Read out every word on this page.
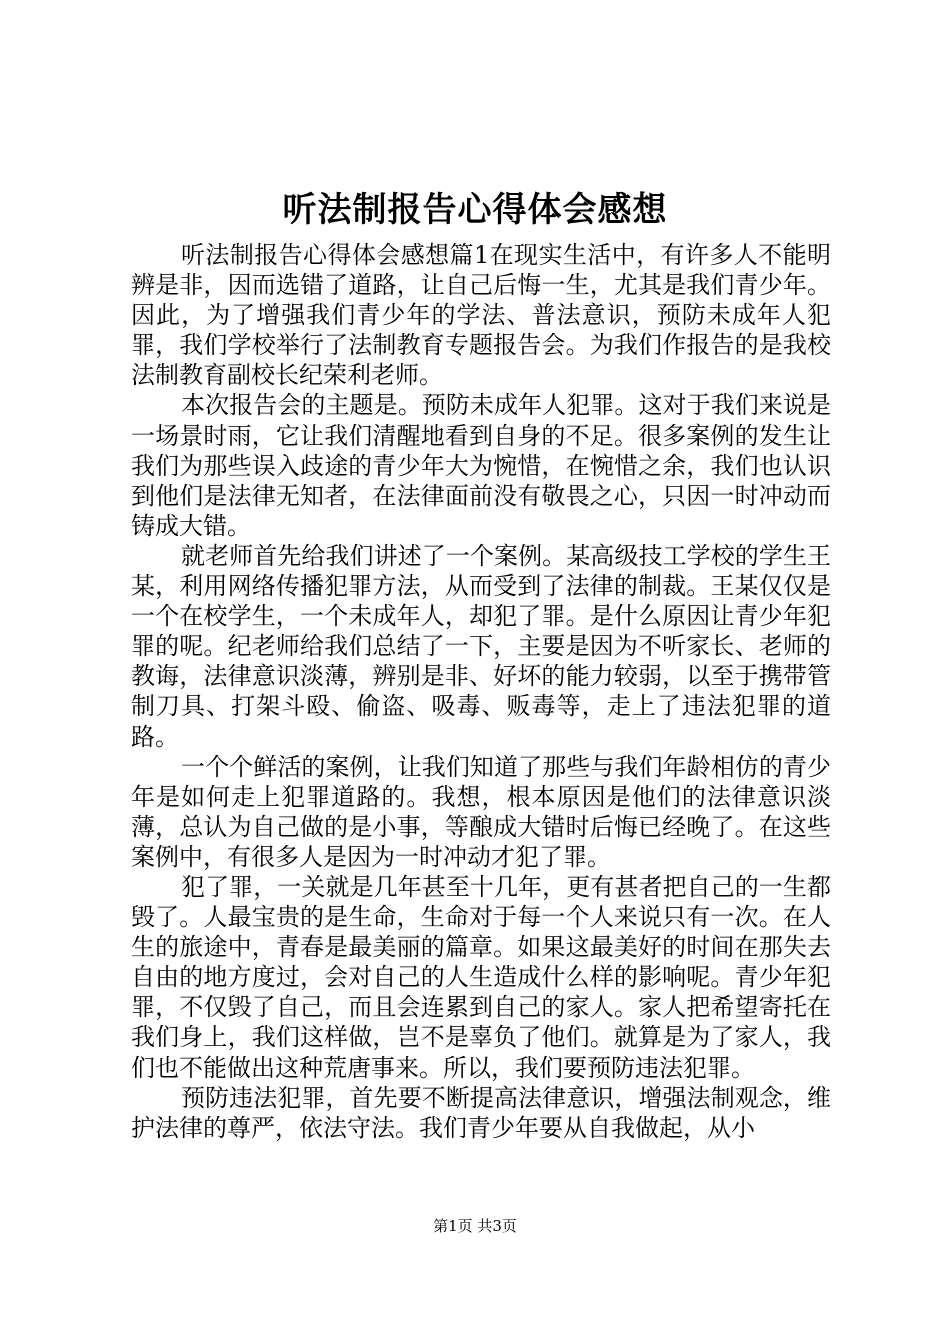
听法制报告心得体会感想

听法制报告心得体会感想篇1在现实生活中，有许多人不能明辨是非，因而选错了道路，让自己后悔一生，尤其是我们青少年。因此，为了增强我们青少年的学法、普法意识，预防未成年人犯罪，我们学校举行了法制教育专题报告会。为我们作报告的是我校法制教育副校长纪荣利老师。

本次报告会的主题是。预防未成年人犯罪。这对于我们来说是一场景时雨，它让我们清醒地看到自身的不足。很多案例的发生让我们为那些误入歧途的青少年大为惋惜，在惋惜之余，我们也认识到他们是法律无知者，在法律面前没有敬畏之心，只因一时冲动而铸成大错。

就老师首先给我们讲述了一个案例。某高级技工学校的学生王某，利用网络传播犯罪方法，从而受到了法律的制裁。王某仅仅是一个在校学生，一个未成年人，却犯了罪。是什么原因让青少年犯罪的呢。纪老师给我们总结了一下，主要是因为不听家长、老师的教诲，法律意识淡薄，辨别是非、好坏的能力较弱，以至于携带管制刀具、打架斗殴、偷盗、吸毒、贩毒等，走上了违法犯罪的道路。

一个个鲜活的案例，让我们知道了那些与我们年龄相仿的青少年是如何走上犯罪道路的。我想，根本原因是他们的法律意识淡薄，总认为自己做的是小事，等酿成大错时后悔已经晚了。在这些案例中，有很多人是因为一时冲动才犯了罪。

犯了罪，一关就是几年甚至十几年，更有甚者把自己的一生都毁了。人最宝贵的是生命，生命对于每一个人来说只有一次。在人生的旅途中，青春是最美丽的篇章。如果这最美好的时间在那失去自由的地方度过，会对自己的人生造成什么样的影响呢。青少年犯罪，不仅毁了自己，而且会连累到自己的家人。家人把希望寄托在我们身上，我们这样做，岂不是辜负了他们。就算是为了家人，我们也不能做出这种荒唐事来。所以，我们要预防违法犯罪。

预防违法犯罪，首先要不断提高法律意识，增强法制观念，维护法律的尊严，依法守法。我们青少年要从自我做起，从小

第1页 共3页
